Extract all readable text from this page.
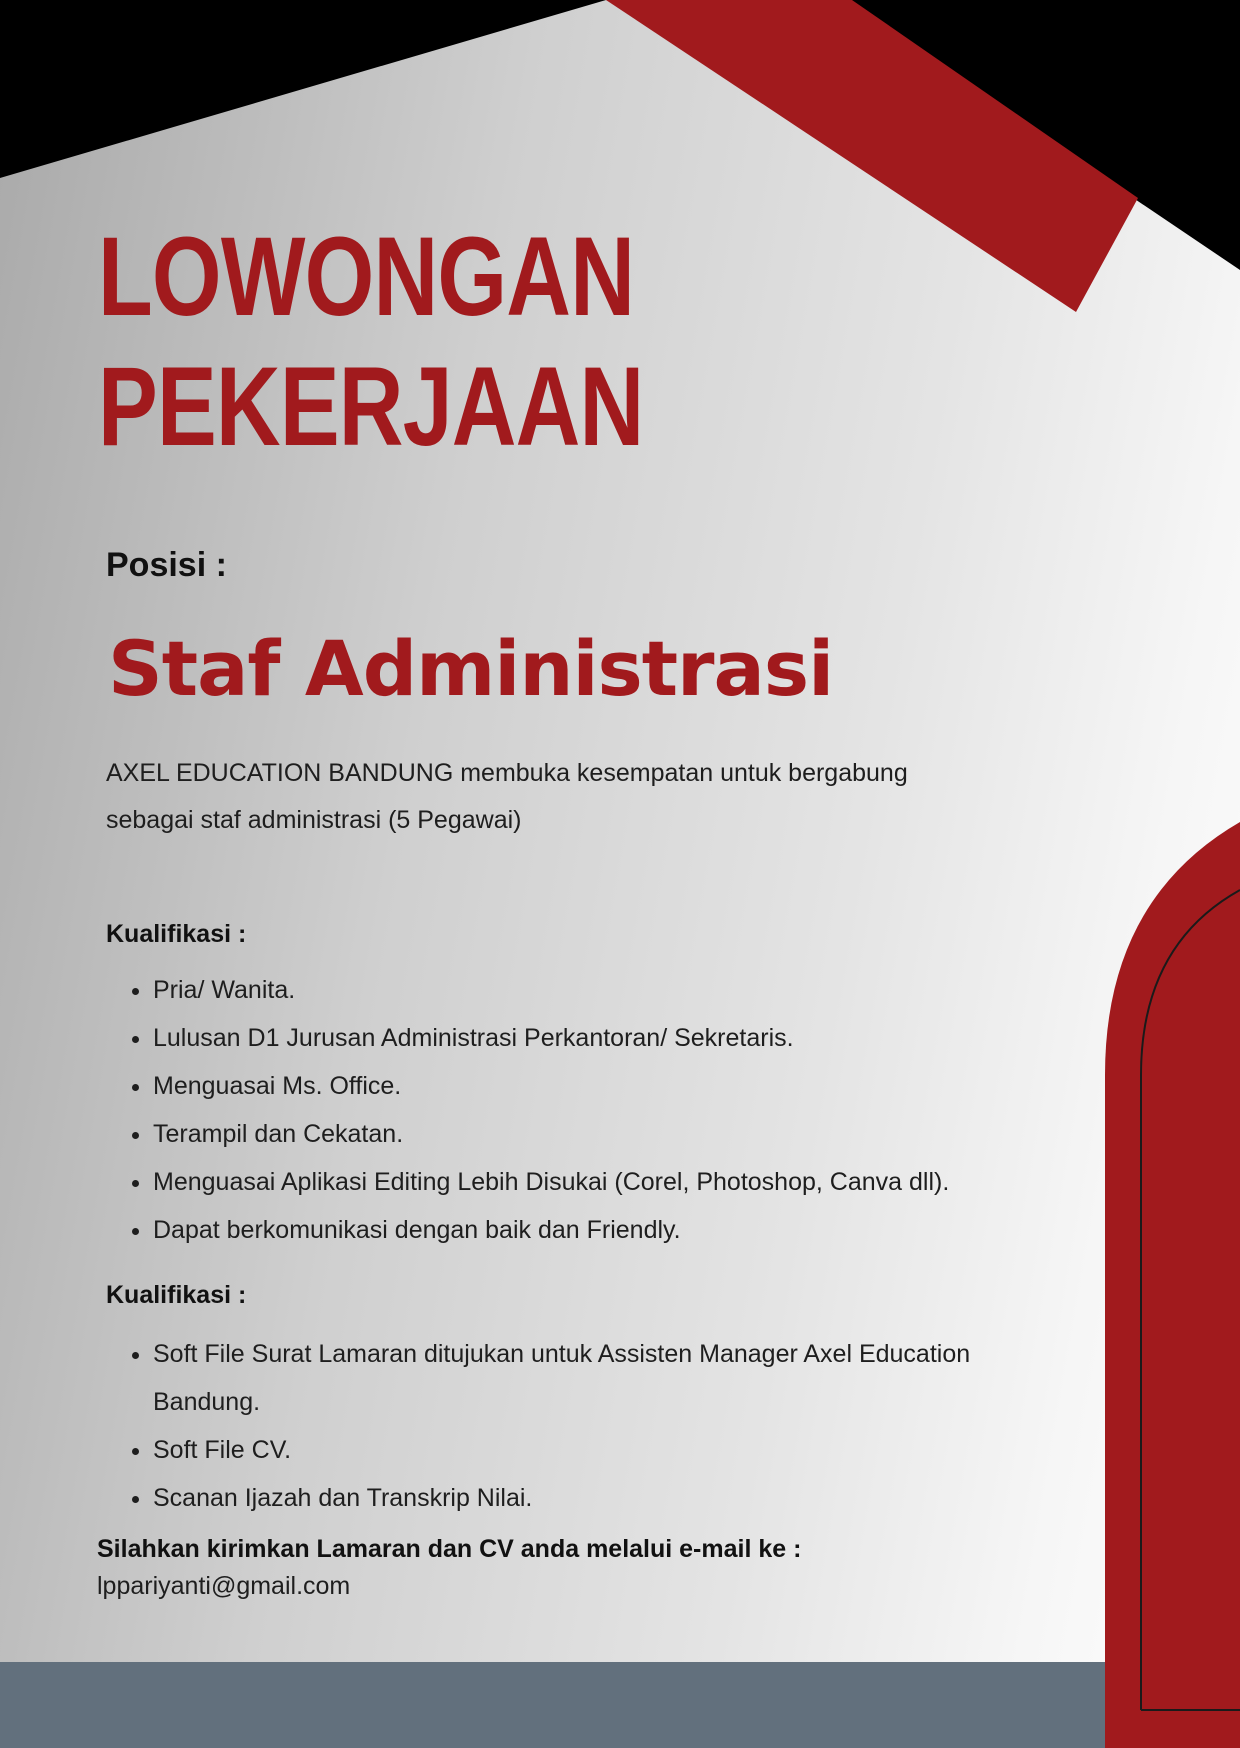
LOWONGAN
PEKERJAAN
Posisi :
Staf Administrasi
AXEL EDUCATION BANDUNG membuka kesempatan untuk bergabung sebagai staf administrasi (5 Pegawai)
Kualifikasi :
• Pria/ Wanita.
• Lulusan D1 Jurusan Administrasi Perkantoran/ Sekretaris.
• Menguasai Ms. Office.
• Terampil dan Cekatan.
• Menguasai Aplikasi Editing Lebih Disukai (Corel, Photoshop, Canva dll).
• Dapat berkomunikasi dengan baik dan Friendly.
Kualifikasi :
• Soft File Surat Lamaran ditujukan untuk Assisten Manager Axel Education Bandung.
• Soft File CV.
• Scanan Ijazah dan Transkrip Nilai.
Silahkan kirimkan Lamaran dan CV anda melalui e-mail ke :
lppariyanti@gmail.com
